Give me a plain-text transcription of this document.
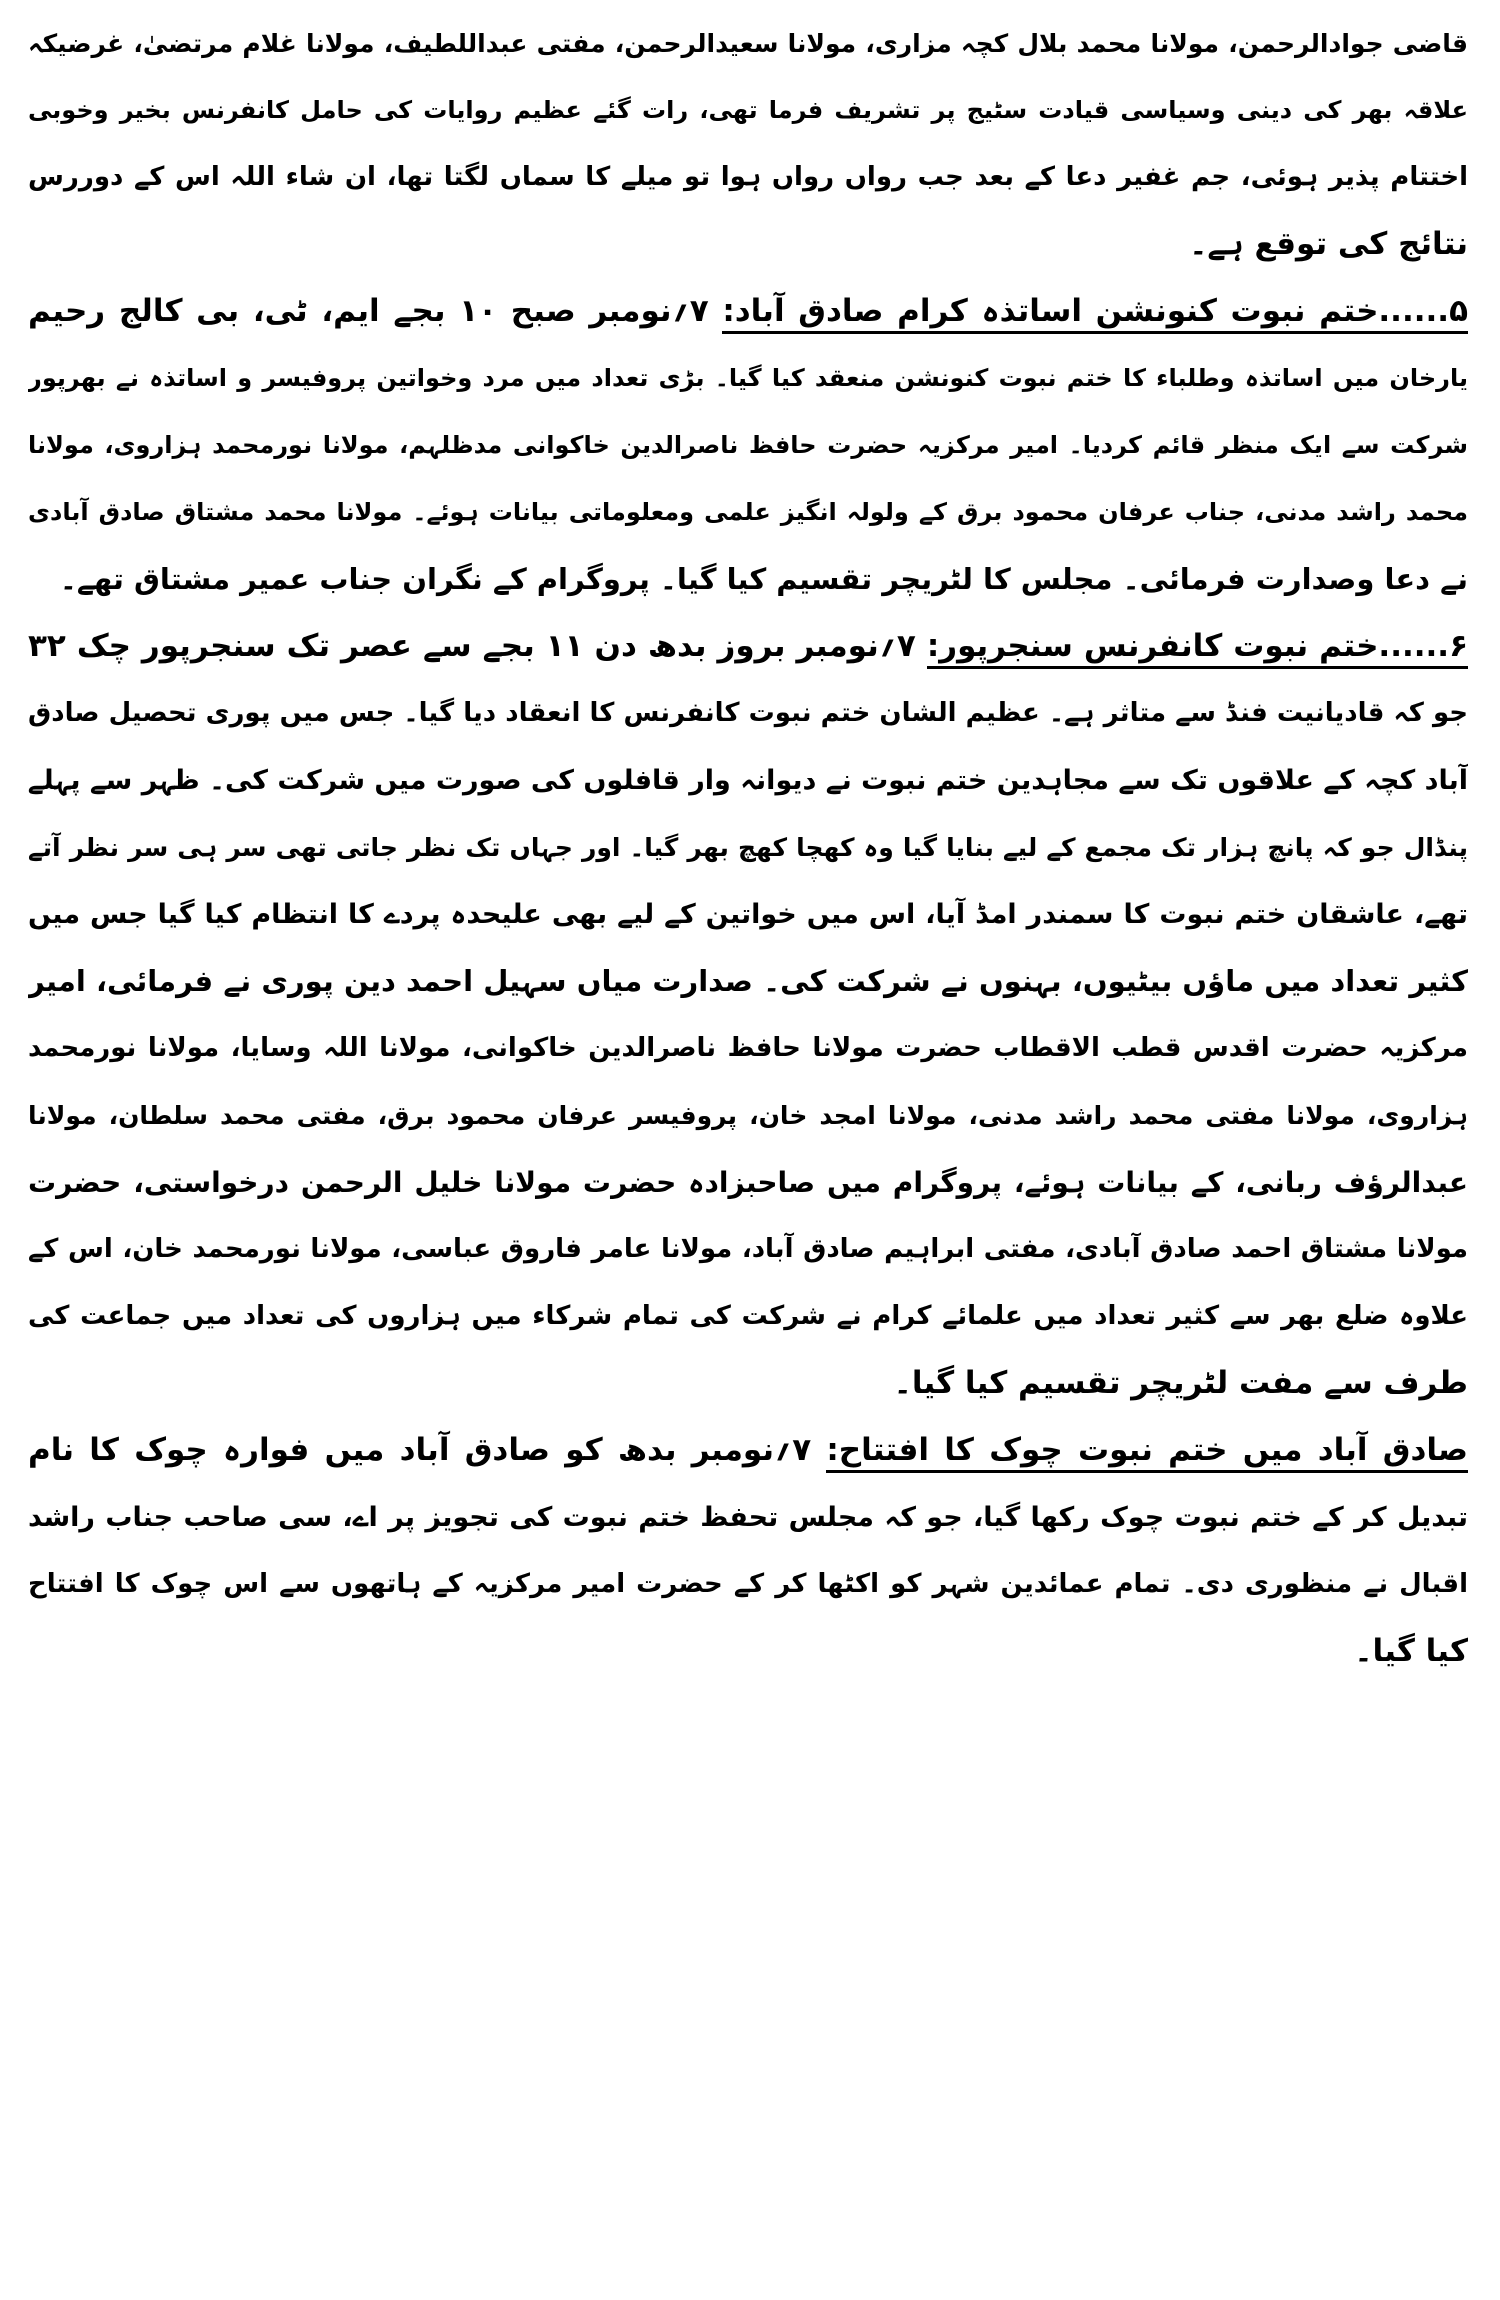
قاضی جوادالرحمن، مولانا محمد بلال کچہ مزاری، مولانا سعیدالرحمن، مفتی عبداللطیف، مولانا غلام مرتضیٰ، غرضیکہ
علاقہ بھر کی دینی وسیاسی قیادت سٹیج پر تشریف فرما تھی، رات گئے عظیم روایات کی حامل کانفرنس بخیر وخوبی
اختتام پذیر ہوئی، جم غفیر دعا کے بعد جب رواں رواں ہوا تو میلے کا سماں لگتا تھا، ان شاء اللہ اس کے دوررس
نتائج کی توقع ہے۔
۵......ختم نبوت کنونشن اساتذہ کرام صادق آباد: ۷؍نومبر صبح ۱۰ بجے ایم، ٹی، بی کالج رحیم
یارخان میں اساتذہ وطلباء کا ختم نبوت کنونشن منعقد کیا گیا۔ بڑی تعداد میں مرد وخواتین پروفیسر و اساتذہ نے بھرپور
شرکت سے ایک منظر قائم کردیا۔ امیر مرکزیہ حضرت حافظ ناصرالدین خاکوانی مدظلہم، مولانا نورمحمد ہزاروی، مولانا
محمد راشد مدنی، جناب عرفان محمود برق کے ولولہ انگیز علمی ومعلوماتی بیانات ہوئے۔ مولانا محمد مشتاق صادق آبادی
نے دعا وصدارت فرمائی۔ مجلس کا لٹریچر تقسیم کیا گیا۔ پروگرام کے نگران جناب عمیر مشتاق تھے۔
۶......ختم نبوت کانفرنس سنجرپور: ۷؍نومبر بروز بدھ دن ۱۱ بجے سے عصر تک سنجرپور چک ۳۲
جو کہ قادیانیت فنڈ سے متاثر ہے۔ عظیم الشان ختم نبوت کانفرنس کا انعقاد دیا گیا۔ جس میں پوری تحصیل صادق
آباد کچہ کے علاقوں تک سے مجاہدین ختم نبوت نے دیوانہ وار قافلوں کی صورت میں شرکت کی۔ ظہر سے پہلے
پنڈال جو کہ پانچ ہزار تک مجمع کے لیے بنایا گیا وہ کھچا کھچ بھر گیا۔ اور جہاں تک نظر جاتی تھی سر ہی سر نظر آتے
تھے، عاشقان ختم نبوت کا سمندر امڈ آیا، اس میں خواتین کے لیے بھی علیحدہ پردے کا انتظام کیا گیا جس میں
کثیر تعداد میں ماؤں بیٹیوں، بہنوں نے شرکت کی۔ صدارت میاں سہیل احمد دین پوری نے فرمائی، امیر
مرکزیہ حضرت اقدس قطب الاقطاب حضرت مولانا حافظ ناصرالدین خاکوانی، مولانا اللہ وسایا، مولانا نورمحمد
ہزاروی، مولانا مفتی محمد راشد مدنی، مولانا امجد خان، پروفیسر عرفان محمود برق، مفتی محمد سلطان، مولانا
عبدالرؤف ربانی، کے بیانات ہوئے، پروگرام میں صاحبزادہ حضرت مولانا خلیل الرحمن درخواستی، حضرت
مولانا مشتاق احمد صادق آبادی، مفتی ابراہیم صادق آباد، مولانا عامر فاروق عباسی، مولانا نورمحمد خان، اس کے
علاوہ ضلع بھر سے کثیر تعداد میں علمائے کرام نے شرکت کی تمام شرکاء میں ہزاروں کی تعداد میں جماعت کی
طرف سے مفت لٹریچر تقسیم کیا گیا۔
صادق آباد میں ختم نبوت چوک کا افتتاح: ۷؍نومبر بدھ کو صادق آباد میں فوارہ چوک کا نام
تبدیل کر کے ختم نبوت چوک رکھا گیا، جو کہ مجلس تحفظ ختم نبوت کی تجویز پر اے، سی صاحب جناب راشد
اقبال نے منظوری دی۔ تمام عمائدین شہر کو اکٹھا کر کے حضرت امیر مرکزیہ کے ہاتھوں سے اس چوک کا افتتاح
کیا گیا۔
